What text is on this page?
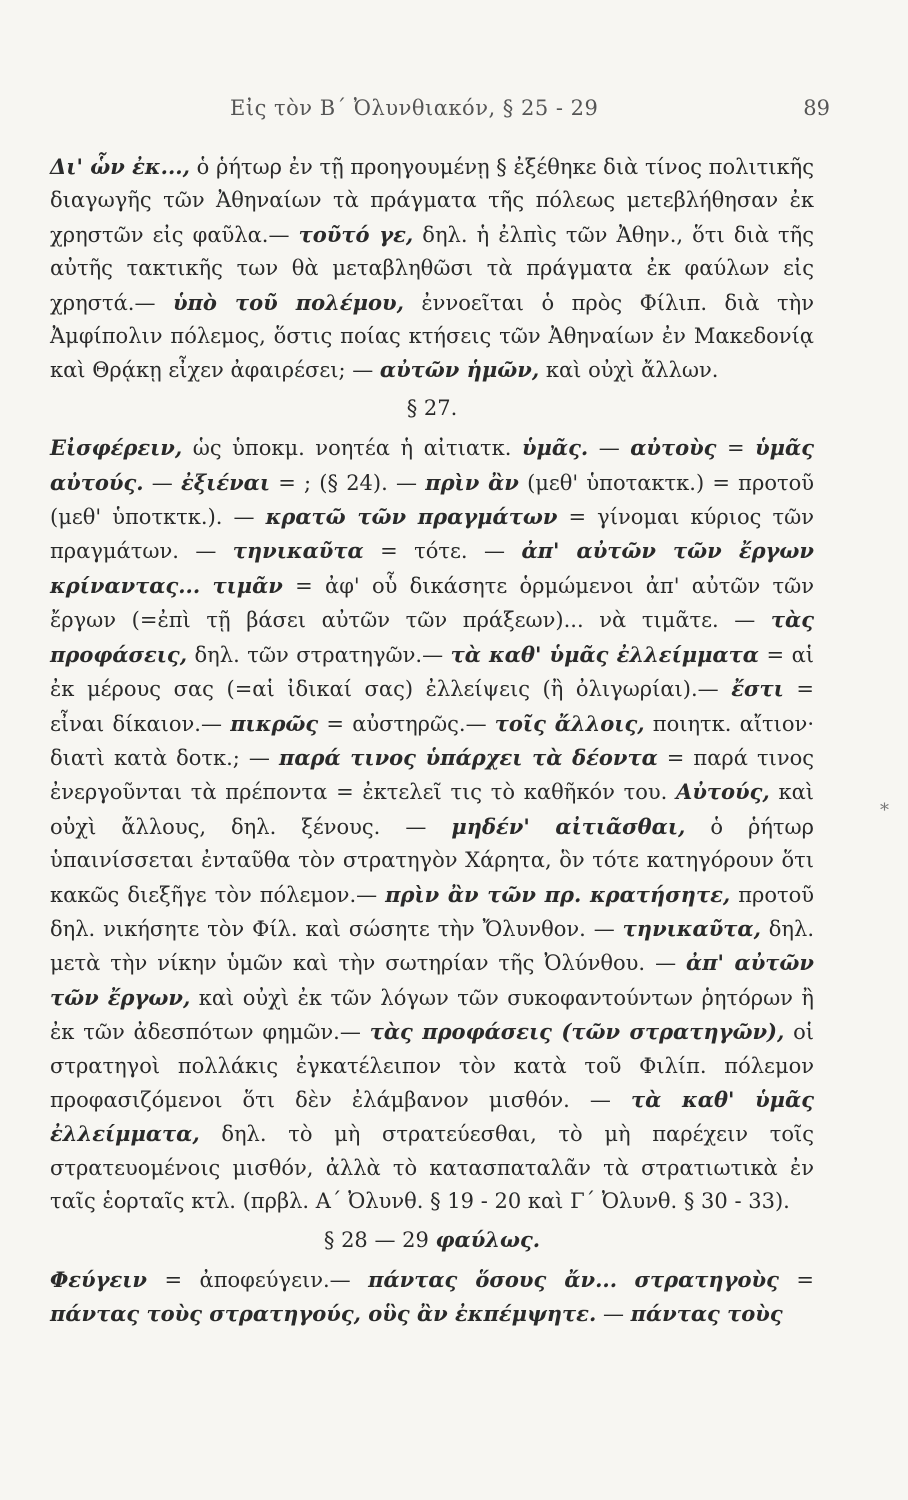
Εἰς τὸν Β΄ Ὀλυνθιακόν, § 25 - 29	89

Δι' ὧν ἐκ..., ὁ ῥήτωρ ἐν τῇ προηγουμένῃ § ἐξέθηκε διὰ τίνος πολιτικῆς διαγωγῆς τῶν Ἀθηναίων τὰ πράγματα τῆς πόλεως μετεβλήθησαν ἐκ χρηστῶν εἰς φαῦλα.— τοῦτό γε, δηλ. ἡ ἐλπὶς τῶν Ἀθην., ὅτι διὰ τῆς αὐτῆς τακτικῆς των θὰ μεταβληθῶσι τὰ πράγματα ἐκ φαύλων εἰς χρηστά.— ὑπὸ τοῦ πολέμου, ἐννοεῖται ὁ πρὸς Φίλιπ. διὰ τὴν Ἀμφίπολιν πόλεμος, ὅστις ποίας κτήσεις τῶν Ἀθηναίων ἐν Μακεδονίᾳ καὶ Θρᾴκῃ εἶχεν ἀφαιρέσει; — αὐτῶν ἡμῶν, καὶ οὐχὶ ἄλλων.

§ 27.

Εἰσφέρειν, ὡς ὑποκμ. νοητέα ἡ αἰτιατκ. ὑμᾶς. — αὐτοὺς = ὑμᾶς αὐτούς. — ἐξιέναι = ; (§ 24). — πρὶν ἂν (μεθ' ὑποτακτκ.) = προτοῦ (μεθ' ὑποτκτκ.). — κρατῶ τῶν πραγμάτων = γίνομαι κύριος τῶν πραγμάτων. — τηνικαῦτα = τότε. — ἀπ' αὐτῶν τῶν ἔργων κρίναντας... τιμᾶν = ἀφ' οὗ δικάσητε ὁρμώμενοι ἀπ' αὐτῶν τῶν ἔργων (=ἐπὶ τῇ βάσει αὐτῶν τῶν πράξεων)... νὰ τιμᾶτε. — τὰς προφάσεις, δηλ. τῶν στρατηγῶν.— τὰ καθ' ὑμᾶς ἐλλείμματα = αἱ ἐκ μέρους σας (=αἱ ἰδικαί σας) ἐλλείψεις (ἢ ὀλιγωρίαι).— ἔστι = εἶναι δίκαιον.— πικρῶς = αὐστηρῶς.— τοῖς ἄλλοις, ποιητκ. αἴτιον· διατὶ κατὰ δοτκ.; — παρά τινος ὑπάρχει τὰ δέοντα = παρά τινος ἐνεργοῦνται τὰ πρέποντα = ἐκτελεῖ τις τὸ καθῆκόν του. Αὐτούς, καὶ οὐχὶ ἄλλους, δηλ. ξένους. — μηδέν' αἰτιᾶσθαι, ὁ ῥήτωρ ὑπαινίσσεται ἐνταῦθα τὸν στρατηγὸν Χάρητα, ὃν τότε κατηγόρουν ὅτι κακῶς διεξῆγε τὸν πόλεμον.— πρὶν ἂν τῶν πρ. κρατήσητε, προτοῦ δηλ. νικήσητε τὸν Φίλ. καὶ σώσητε τὴν Ὄλυνθον. — τηνικαῦτα, δηλ. μετὰ τὴν νίκην ὑμῶν καὶ τὴν σωτηρίαν τῆς Ὀλύνθου. — ἀπ' αὐτῶν τῶν ἔργων, καὶ οὐχὶ ἐκ τῶν λόγων τῶν συκοφαντούντων ῥητόρων ἢ ἐκ τῶν ἀδεσπότων φημῶν.— τὰς προφάσεις (τῶν στρατηγῶν), οἱ στρατηγοὶ πολλάκις ἐγκατέλειπον τὸν κατὰ τοῦ Φιλίπ. πόλεμον προφασιζόμενοι ὅτι δὲν ἐλάμβανον μισθόν. — τὰ καθ' ὑμᾶς ἐλλείμματα, δηλ. τὸ μὴ στρατεύεσθαι, τὸ μὴ παρέχειν τοῖς στρατευομένοις μισθόν, ἀλλὰ τὸ κατασπαταλᾶν τὰ στρατιωτικὰ ἐν ταῖς ἑορταῖς κτλ. (πρβλ. Α΄ Ὀλυνθ. § 19 - 20 καὶ Γ΄ Ὀλυνθ. § 30 - 33).

§ 28 — 29 φαύλως.

Φεύγειν = ἀποφεύγειν.— πάντας ὅσους ἄν... στρατηγοὺς = πάντας τοὺς στρατηγούς, οὓς ἂν ἐκπέμψητε. — πάντας τοὺς

*
